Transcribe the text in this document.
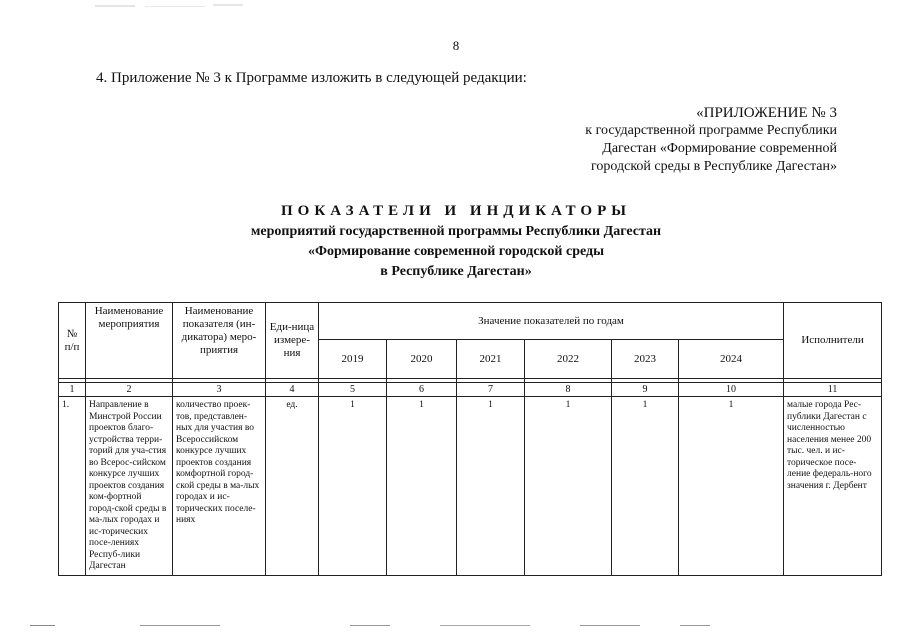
8
4. Приложение № 3 к Программе изложить в следующей редакции:
«ПРИЛОЖЕНИЕ № 3
к государственной программе Республики
Дагестан «Формирование современной
городской среды в Республике Дагестан»
ПОКАЗАТЕЛИ И ИНДИКАТОРЫ
мероприятий государственной программы Республики Дагестан
«Формирование современной городской среды
в Республике Дагестан»
№ п/п	Наименование мероприятия	Наименование показателя (ин-дикатора) меро-приятия	Еди-ница измере-ния	Значение показателей по годам						Исполнители
				2019	2020	2021	2022	2023	2024	

1	2	3	4	5	6	7	8	9	10	11
1.	Направление в Минстрой России проектов благо-устройства терри-торий для уча-стия во Всерос-сийском конкурсе лучших проектов создания ком-фортной город-ской среды в ма-лых городах и ис-торических посе-лениях Респуб-лики Дагестан	количество проек-тов, представлен-ных для участия во Всероссийском конкурсе лучших проектов создания комфортной город-ской среды в ма-лых городах и ис-торических поселе-ниях	ед.	1	1	1	1	1	1	малые города Рес-публики Дагестан с численностью населения менее 200 тыс. чел. и ис-торическое посе-ление федераль-ного значения г. Дербент
